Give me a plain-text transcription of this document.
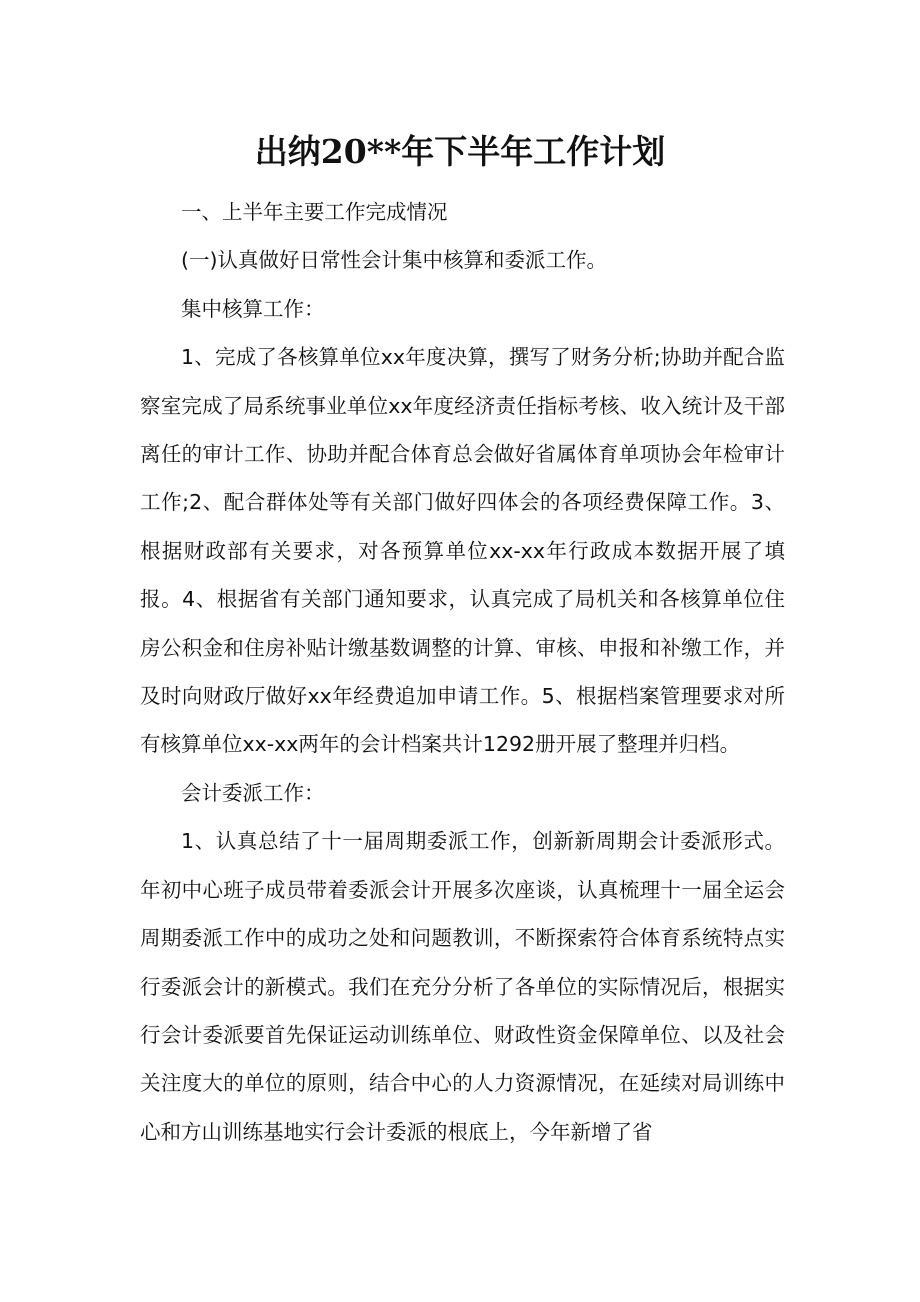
出纳20**年下半年工作计划

一、上半年主要工作完成情况

(一)认真做好日常性会计集中核算和委派工作。

集中核算工作：

1、完成了各核算单位xx年度决算，撰写了财务分析;协助并配合监察室完成了局系统事业单位xx年度经济责任指标考核、收入统计及干部离任的审计工作、协助并配合体育总会做好省属体育单项协会年检审计工作;2、配合群体处等有关部门做好四体会的各项经费保障工作。3、根据财政部有关要求，对各预算单位xx-xx年行政成本数据开展了填报。4、根据省有关部门通知要求，认真完成了局机关和各核算单位住房公积金和住房补贴计缴基数调整的计算、审核、申报和补缴工作，并及时向财政厅做好xx年经费追加申请工作。5、根据档案管理要求对所有核算单位xx-xx两年的会计档案共计1292册开展了整理并归档。

会计委派工作：

1、认真总结了十一届周期委派工作，创新新周期会计委派形式。年初中心班子成员带着委派会计开展多次座谈，认真梳理十一届全运会周期委派工作中的成功之处和问题教训，不断探索符合体育系统特点实行委派会计的新模式。我们在充分分析了各单位的实际情况后，根据实行会计委派要首先保证运动训练单位、财政性资金保障单位、以及社会关注度大的单位的原则，结合中心的人力资源情况，在延续对局训练中心和方山训练基地实行会计委派的根底上，今年新增了省
